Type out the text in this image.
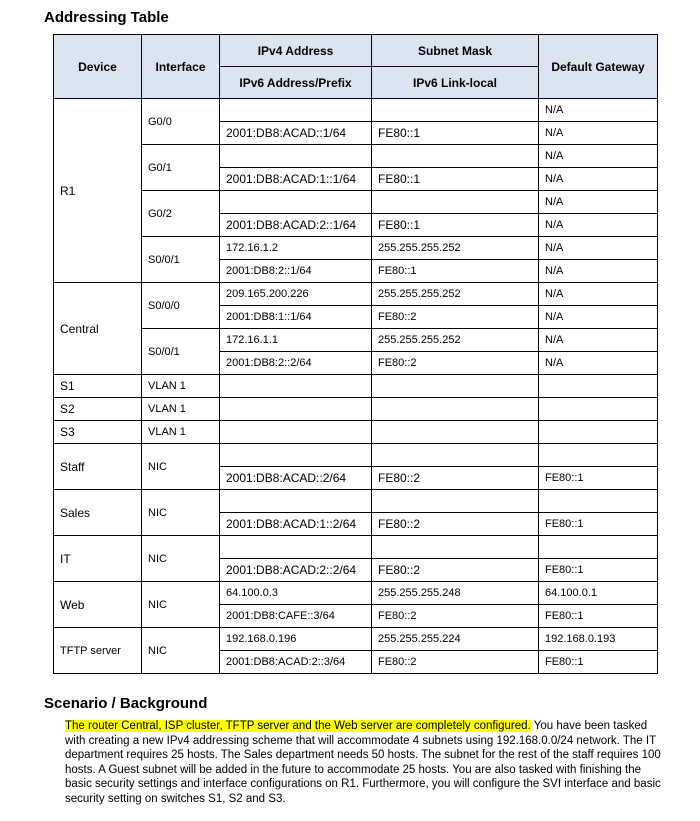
Addressing Table
Device	Interface	IPv4 Address	Subnet Mask	Default Gateway
		IPv6 Address/Prefix	IPv6 Link-local	
R1	G0/0			N/A
		2001:DB8:ACAD::1/64	FE80::1	N/A
	G0/1			N/A
		2001:DB8:ACAD:1::1/64	FE80::1	N/A
	G0/2			N/A
		2001:DB8:ACAD:2::1/64	FE80::1	N/A
	S0/0/1	172.16.1.2	255.255.255.252	N/A
		2001:DB8:2::1/64	FE80::1	N/A
Central	S0/0/0	209.165.200.226	255.255.255.252	N/A
		2001:DB8:1::1/64	FE80::2	N/A
	S0/0/1	172.16.1.1	255.255.255.252	N/A
		2001:DB8:2::2/64	FE80::2	N/A
S1	VLAN 1			
S2	VLAN 1			
S3	VLAN 1			
Staff	NIC			
		2001:DB8:ACAD::2/64	FE80::2	FE80::1
Sales	NIC			
		2001:DB8:ACAD:1::2/64	FE80::2	FE80::1
IT	NIC			
		2001:DB8:ACAD:2::2/64	FE80::2	FE80::1
Web	NIC	64.100.0.3	255.255.255.248	64.100.0.1
		2001:DB8:CAFE::3/64	FE80::2	FE80::1
TFTP server	NIC	192.168.0.196	255.255.255.224	192.168.0.193
		2001:DB8:ACAD:2::3/64	FE80::2	FE80::1
Scenario / Background

The router Central, ISP cluster, TFTP server and the Web server are completely configured. You have been tasked with creating a new IPv4 addressing scheme that will accommodate 4 subnets using 192.168.0.0/24 network. The IT department requires 25 hosts. The Sales department needs 50 hosts. The subnet for the rest of the staff requires 100 hosts. A Guest subnet will be added in the future to accommodate 25 hosts. You are also tasked with finishing the basic security settings and interface configurations on R1. Furthermore, you will configure the SVI interface and basic security setting on switches S1, S2 and S3.
